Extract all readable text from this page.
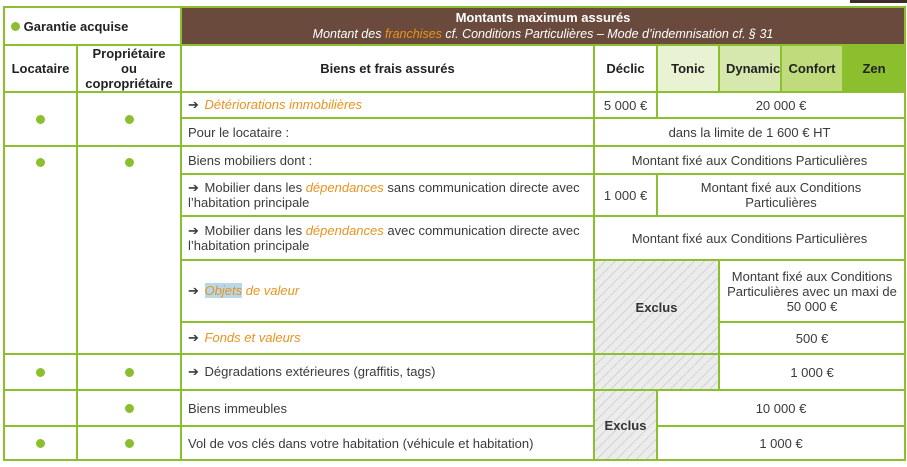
Garantie acquise		Montants maximum assurés
Montant des franchises cf. Conditions Particulières – Mode d’indemnisation cf. § 31					

Locataire	Propriétaire ou copropriétaire	Biens et frais assurés	Déclic	Tonic	Dynamic	Confort	Zen
		➔ Détériorations immobilières	5 000 €	20 000 €			
		Pour le locataire :	dans la limite de 1 600 € HT				
		Biens mobiliers dont :	Montant fixé aux Conditions Particulières				
		➔ Mobilier dans les dépendances sans communication directe avec l’habitation principale	1 000 €	Montant fixé aux Conditions Particulières			
		➔ Mobilier dans les dépendances avec communication directe avec l’habitation principale	Montant fixé aux Conditions Particulières				
		➔ Objets de valeur	Exclus		Montant fixé aux Conditions Particulières avec un maxi de 50 000 €		
		➔ Fonds et valeurs			500 €		
		➔ Dégradations extérieures (graffitis, tags)			1 000 €		
		Biens immeubles	Exclus	10 000 €			
		Vol de vos clés dans votre habitation (véhicule et habitation)		1 000 €			
